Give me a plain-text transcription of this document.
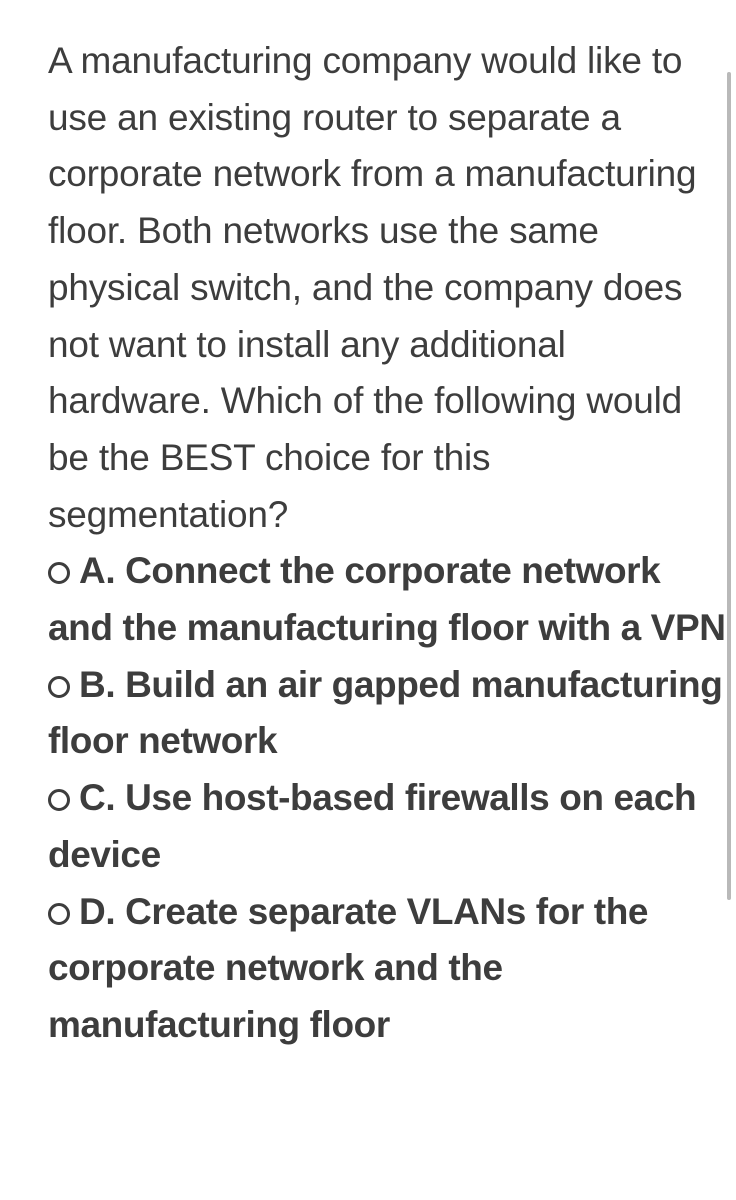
A manufacturing company would like to use an existing router to separate a corporate network from a manufacturing floor. Both networks use the same physical switch, and the company does not want to install any additional hardware. Which of the following would be the BEST choice for this segmentation?

A. Connect the corporate network and the manufacturing floor with a VPN
B. Build an air gapped manufacturing floor network
C. Use host-based firewalls on each device
D. Create separate VLANs for the corporate network and the manufacturing floor
